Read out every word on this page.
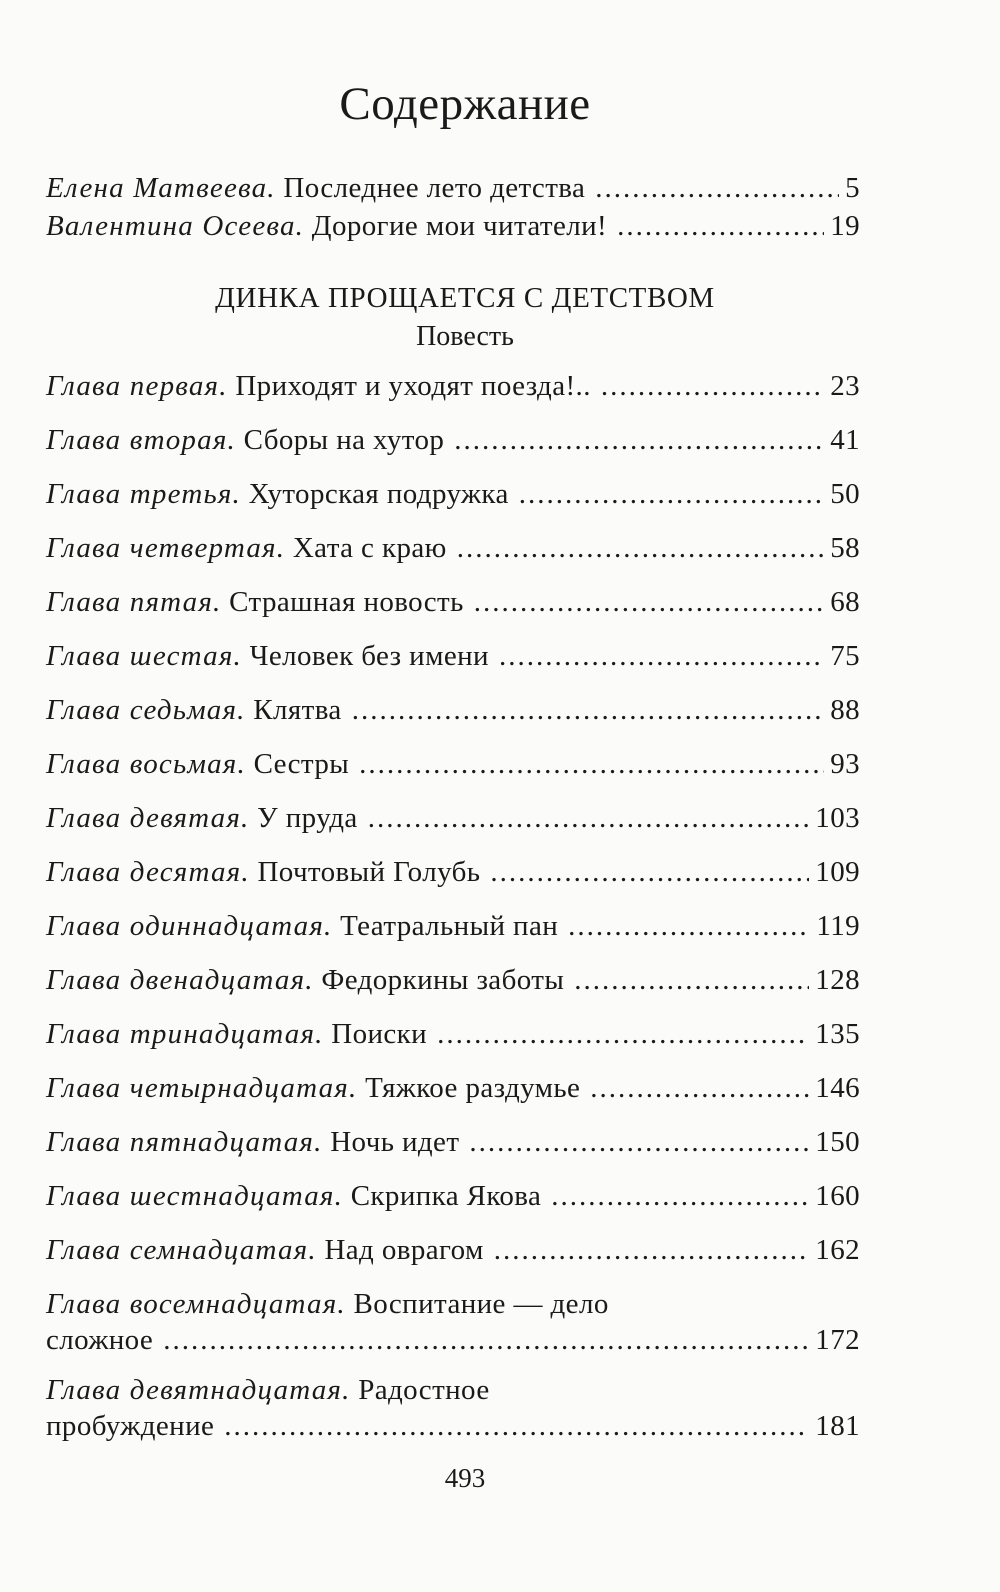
Содержание
Елена Матвеева. Последнее лето детства .....	5
Валентина Осеева. Дорогие мои читатели! .....	19
ДИНКА ПРОЩАЕТСЯ С ДЕТСТВОМ
Повесть
Глава первая. Приходят и уходят поезда!.. .....	23
Глава вторая. Сборы на хутор .....	41
Глава третья. Хуторская подружка .....	50
Глава четвертая. Хата с краю .....	58
Глава пятая. Страшная новость .....	68
Глава шестая. Человек без имени .....	75
Глава седьмая. Клятва .....	88
Глава восьмая. Сестры .....	93
Глава девятая. У пруда .....	103
Глава десятая. Почтовый Голубь .....	109
Глава одиннадцатая. Театральный пан .....	119
Глава двенадцатая. Федоркины заботы .....	128
Глава тринадцатая. Поиски .....	135
Глава четырнадцатая. Тяжкое раздумье .....	146
Глава пятнадцатая. Ночь идет .....	150
Глава шестнадцатая. Скрипка Якова .....	160
Глава семнадцатая. Над оврагом .....	162
Глава восемнадцатая. Воспитание — дело
сложное .....	172
Глава девятнадцатая. Радостное
пробуждение .....	181
493
